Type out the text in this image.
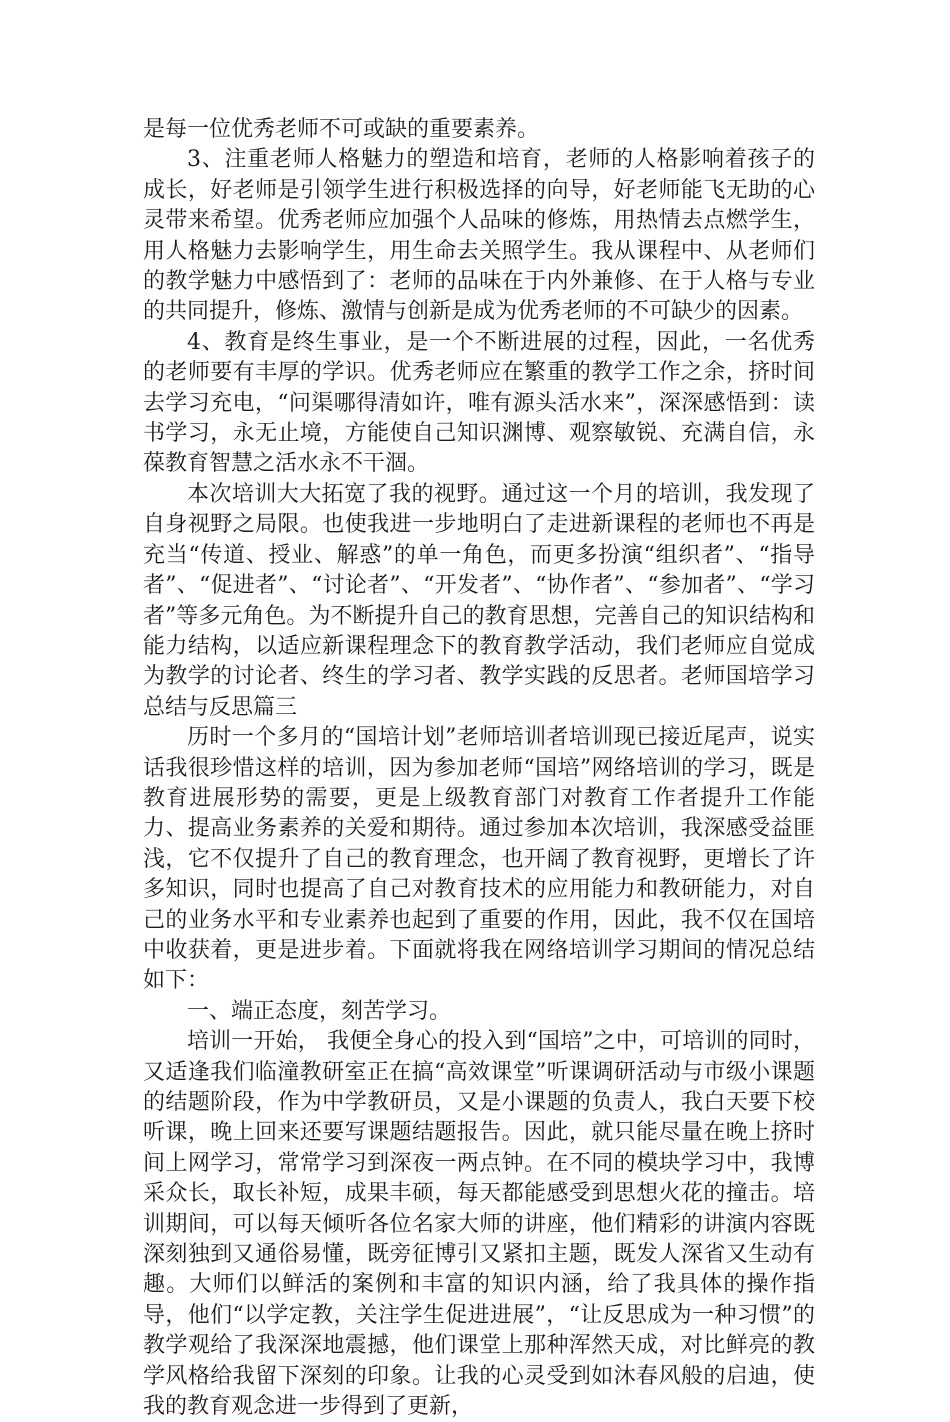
是每一位优秀老师不可或缺的重要素养。

3、注重老师人格魅力的塑造和培育，老师的人格影响着孩子的成长，好老师是引领学生进行积极选择的向导，好老师能飞无助的心灵带来希望。优秀老师应加强个人品味的修炼，用热情去点燃学生，用人格魅力去影响学生，用生命去关照学生。我从课程中、从老师们的教学魅力中感悟到了：老师的品味在于内外兼修、在于人格与专业的共同提升，修炼、激情与创新是成为优秀老师的不可缺少的因素。

4、教育是终生事业，是一个不断进展的过程，因此，一名优秀的老师要有丰厚的学识。优秀老师应在繁重的教学工作之余，挤时间去学习充电，“问渠哪得清如许，唯有源头活水来”，深深感悟到：读书学习，永无止境，方能使自己知识渊博、观察敏锐、充满自信，永葆教育智慧之活水永不干涸。

本次培训大大拓宽了我的视野。通过这一个月的培训，我发现了自身视野之局限。也使我进一步地明白了走进新课程的老师也不再是充当“传道、授业、解惑”的单一角色，而更多扮演“组织者”、“指导者”、“促进者”、“讨论者”、“开发者”、“协作者”、“参加者”、“学习者”等多元角色。为不断提升自己的教育思想，完善自己的知识结构和能力结构，以适应新课程理念下的教育教学活动，我们老师应自觉成为教学的讨论者、终生的学习者、教学实践的反思者。老师国培学习总结与反思篇三

历时一个多月的“国培计划”老师培训者培训现已接近尾声，说实话我很珍惜这样的培训，因为参加老师“国培”网络培训的学习，既是教育进展形势的需要，更是上级教育部门对教育工作者提升工作能力、提高业务素养的关爱和期待。通过参加本次培训，我深感受益匪浅，它不仅提升了自己的教育理念，也开阔了教育视野，更增长了许多知识，同时也提高了自己对教育技术的应用能力和教研能力，对自己的业务水平和专业素养也起到了重要的作用，因此，我不仅在国培中收获着，更是进步着。下面就将我在网络培训学习期间的情况总结如下：

一、端正态度，刻苦学习。

培训一开始， 我便全身心的投入到“国培”之中，可培训的同时，又适逢我们临潼教研室正在搞“高效课堂”听课调研活动与市级小课题的结题阶段，作为中学教研员，又是小课题的负责人，我白天要下校听课，晚上回来还要写课题结题报告。因此，就只能尽量在晚上挤时间上网学习，常常学习到深夜一两点钟。在不同的模块学习中，我博采众长，取长补短，成果丰硕，每天都能感受到思想火花的撞击。培训期间，可以每天倾听各位名家大师的讲座，他们精彩的讲演内容既深刻独到又通俗易懂，既旁征博引又紧扣主题，既发人深省又生动有趣。大师们以鲜活的案例和丰富的知识内涵，给了我具体的操作指导，他们“以学定教，关注学生促进进展”，“让反思成为一种习惯”的教学观给了我深深地震撼，他们课堂上那种浑然天成，对比鲜亮的教学风格给我留下深刻的印象。让我的心灵受到如沐春风般的启迪，使我的教育观念进一步得到了更新，
